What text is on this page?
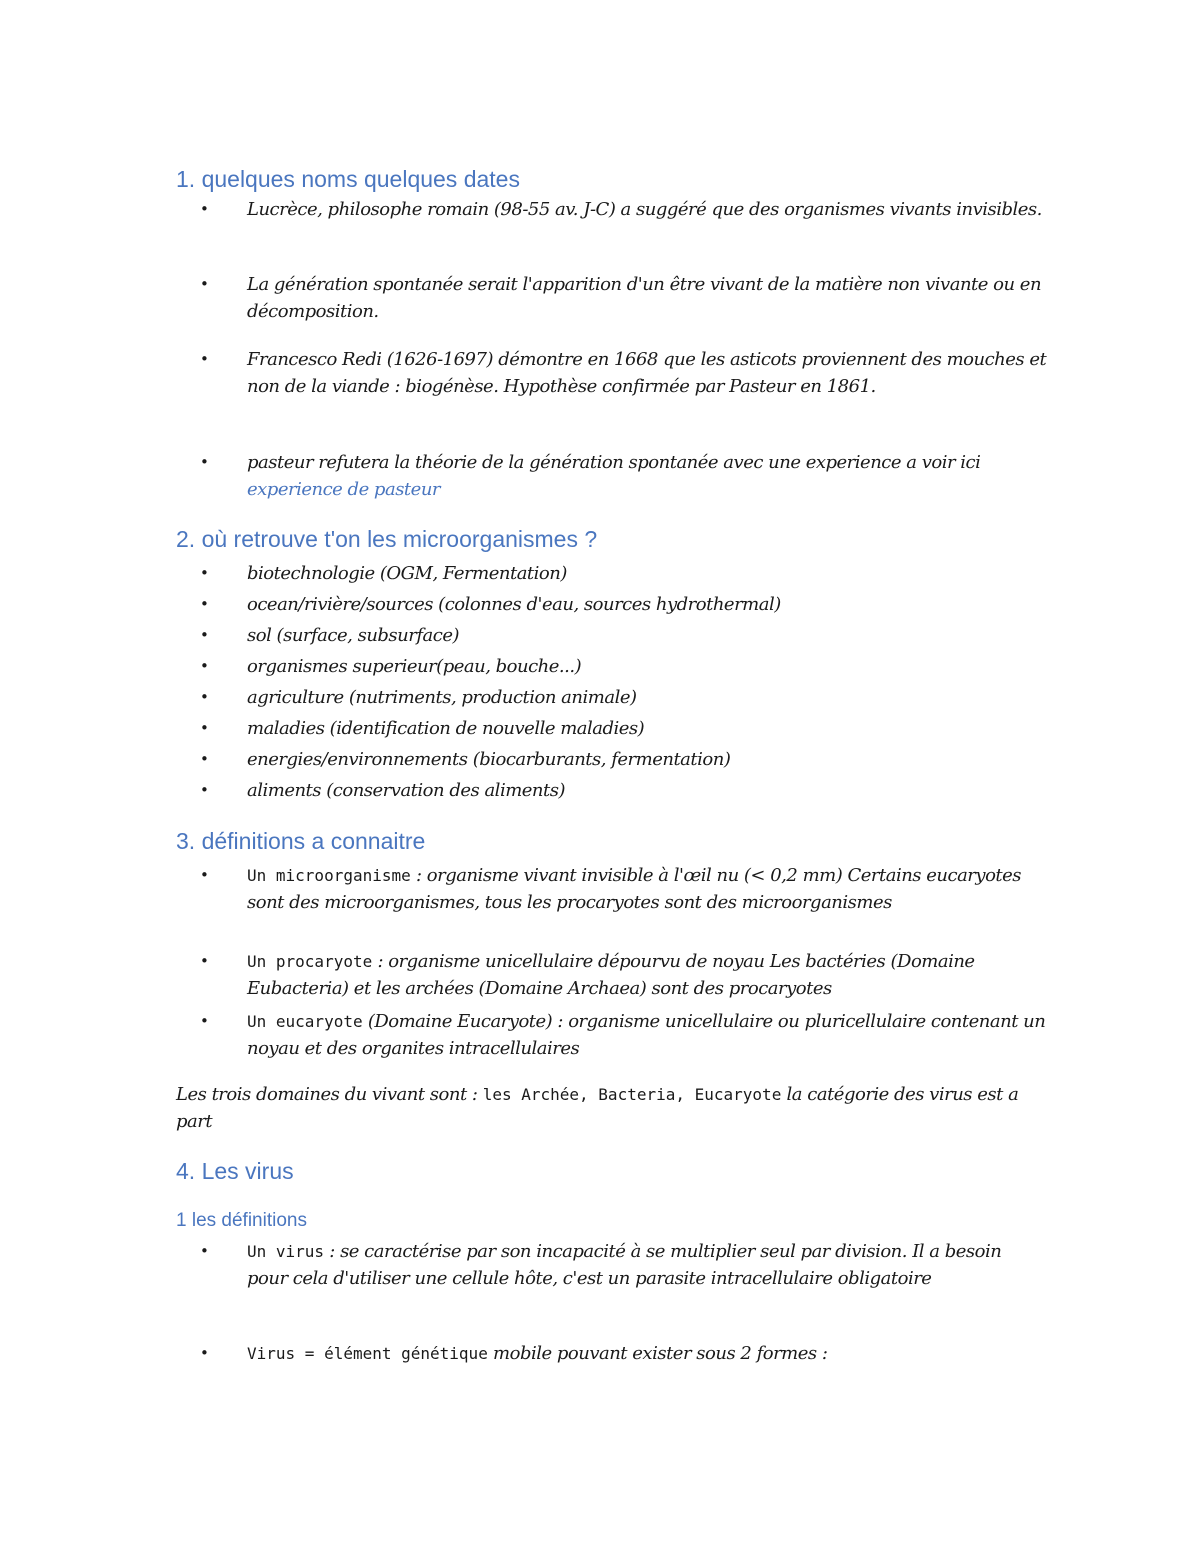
1. quelques noms quelques dates
• Lucrèce, philosophe romain (98-55 av. J-C) a suggéré que des organismes vivants invisibles.
• La génération spontanée serait l'apparition d'un être vivant de la matière non vivante ou en décomposition.
• Francesco Redi (1626-1697) démontre en 1668 que les asticots proviennent des mouches et non de la viande : biogénèse. Hypothèse confirmée par Pasteur en 1861.
• pasteur refutera la théorie de la génération spontanée avec une experience a voir ici experience de pasteur
2. où retrouve t'on les microorganismes ?
• biotechnologie (OGM, Fermentation)
• ocean/rivière/sources (colonnes d'eau, sources hydrothermal)
• sol (surface, subsurface)
• organismes superieur(peau, bouche...)
• agriculture (nutriments, production animale)
• maladies (identification de nouvelle maladies)
• energies/environnements (biocarburants, fermentation)
• aliments (conservation des aliments)
3. définitions a connaitre
• Un microorganisme : organisme vivant invisible à l'œil nu (< 0,2 mm) Certains eucaryotes sont des microorganismes, tous les procaryotes sont des microorganismes
• Un procaryote : organisme unicellulaire dépourvu de noyau Les bactéries (Domaine Eubacteria) et les archées (Domaine Archaea) sont des procaryotes
• Un eucaryote (Domaine Eucaryote) : organisme unicellulaire ou pluricellulaire contenant un noyau et des organites intracellulaires
Les trois domaines du vivant sont : les Archée, Bacteria, Eucaryote la catégorie des virus est a part
4. Les virus
1 les définitions
• Un virus : se caractérise par son incapacité à se multiplier seul par division. Il a besoin pour cela d'utiliser une cellule hôte, c'est un parasite intracellulaire obligatoire
• Virus = élément génétique mobile pouvant exister sous 2 formes :
